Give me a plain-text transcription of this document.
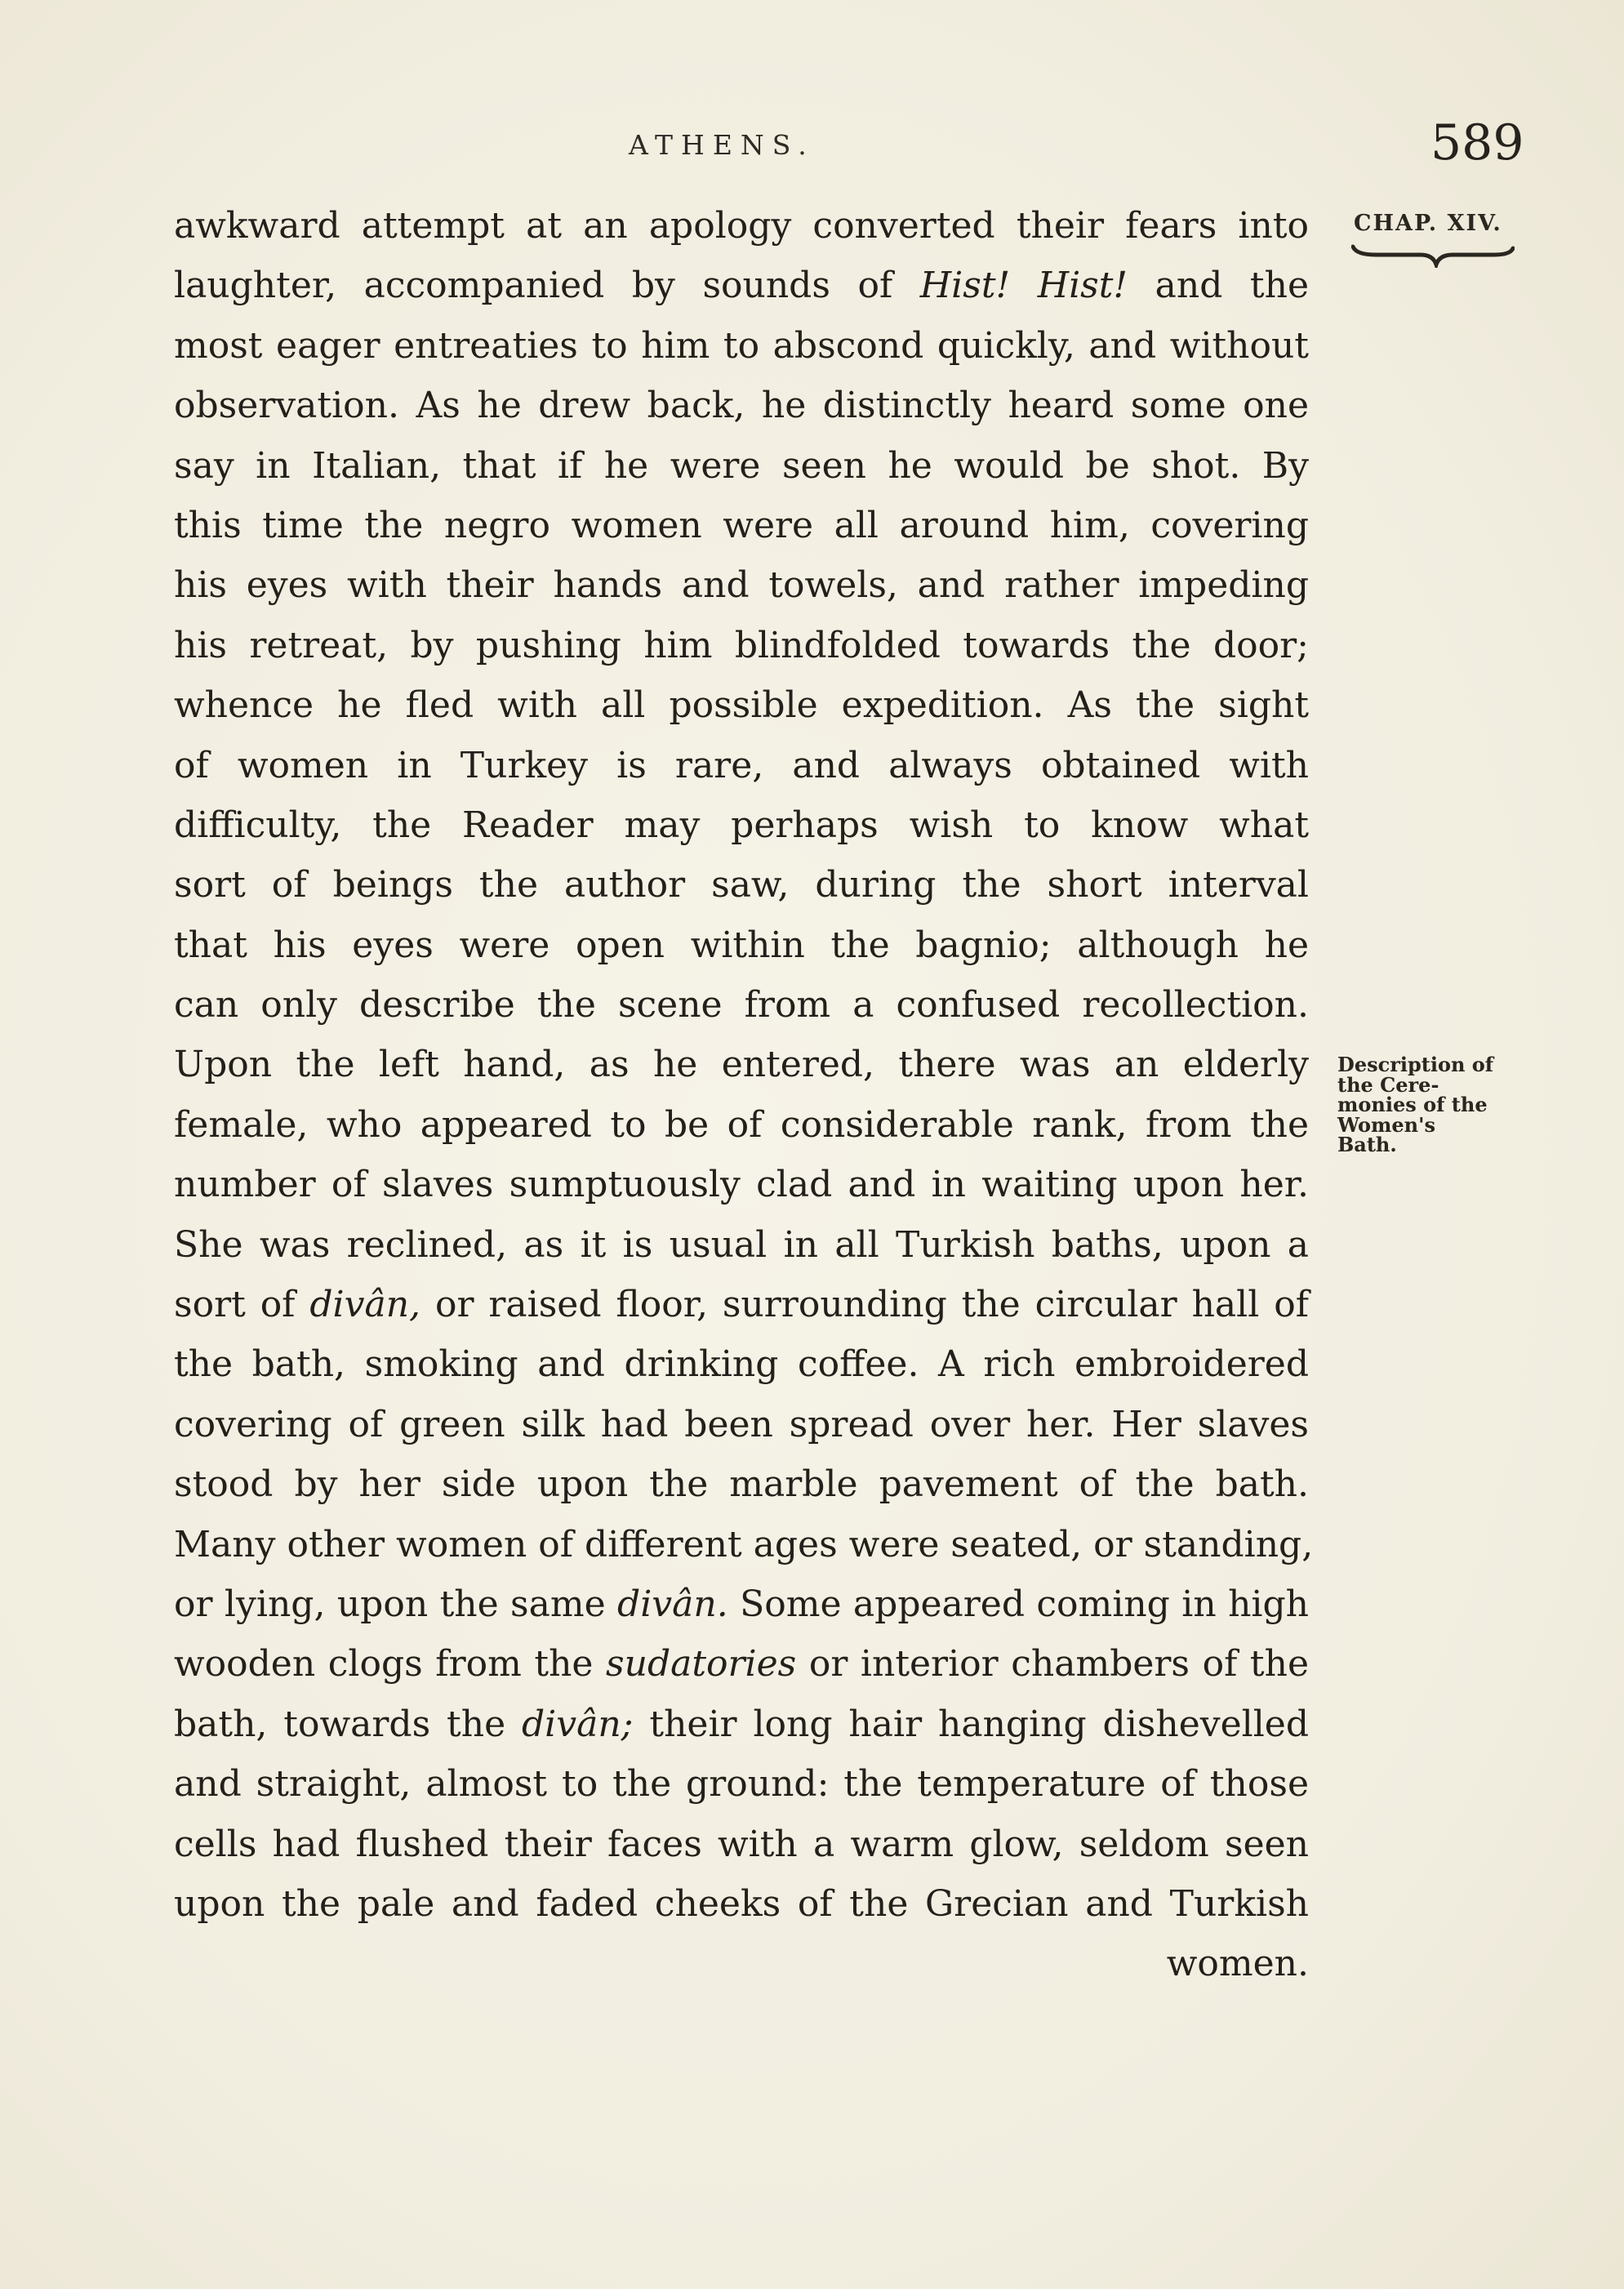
ATHENS.	589
CHAP. XIV.
Description of
the Cere-
monies of the
Women's
Bath.
awkward attempt at an apology converted their fears into
laughter, accompanied by sounds of Hist! Hist! and the
most eager entreaties to him to abscond quickly, and without
observation. As he drew back, he distinctly heard some one
say in Italian, that if he were seen he would be shot. By
this time the negro women were all around him, covering
his eyes with their hands and towels, and rather impeding
his retreat, by pushing him blindfolded towards the door;
whence he fled with all possible expedition. As the sight
of women in Turkey is rare, and always obtained with
difficulty, the Reader may perhaps wish to know what
sort of beings the author saw, during the short interval
that his eyes were open within the bagnio; although he
can only describe the scene from a confused recollection.
Upon the left hand, as he entered, there was an elderly
female, who appeared to be of considerable rank, from the
number of slaves sumptuously clad and in waiting upon her.
She was reclined, as it is usual in all Turkish baths, upon a
sort of divân, or raised floor, surrounding the circular hall of
the bath, smoking and drinking coffee. A rich embroidered
covering of green silk had been spread over her. Her slaves
stood by her side upon the marble pavement of the bath.
Many other women of different ages were seated, or standing,
or lying, upon the same divân. Some appeared coming in high
wooden clogs from the sudatories or interior chambers of the
bath, towards the divân; their long hair hanging dishevelled
and straight, almost to the ground: the temperature of those
cells had flushed their faces with a warm glow, seldom seen
upon the pale and faded cheeks of the Grecian and Turkish
women.
